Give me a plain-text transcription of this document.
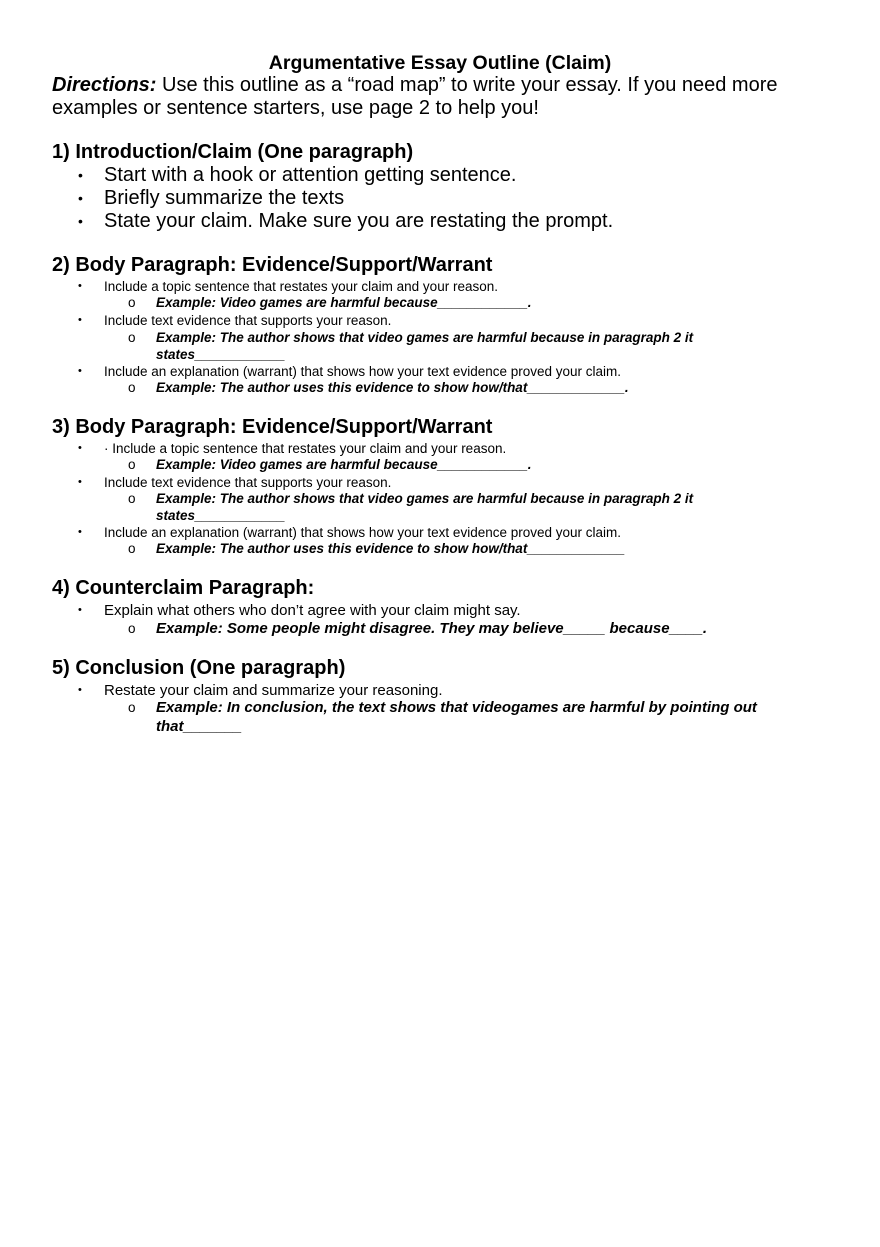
Argumentative Essay Outline (Claim)
Directions: Use this outline as a “road map” to write your essay. If you need more examples or sentence starters, use page 2 to help you!
1) Introduction/Claim (One paragraph)
• Start with a hook or attention getting sentence.
• Briefly summarize the texts
• State your claim. Make sure you are restating the prompt.
2) Body Paragraph: Evidence/Support/Warrant
• Include a topic sentence that restates your claim and your reason.
o Example: Video games are harmful because____________.
• Include text evidence that supports your reason.
o Example: The author shows that video games are harmful because in paragraph 2 it states____________
• Include an explanation (warrant) that shows how your text evidence proved your claim.
o Example: The author uses this evidence to show how/that_____________.
3) Body Paragraph: Evidence/Support/Warrant
• · Include a topic sentence that restates your claim and your reason.
o Example: Video games are harmful because____________.
• Include text evidence that supports your reason.
o Example: The author shows that video games are harmful because in paragraph 2 it states____________
• Include an explanation (warrant) that shows how your text evidence proved your claim.
o Example: The author uses this evidence to show how/that_____________
4) Counterclaim Paragraph:
• Explain what others who don’t agree with your claim might say.
o Example: Some people might disagree. They may believe_____ because____.
5) Conclusion (One paragraph)
• Restate your claim and summarize your reasoning.
o Example: In conclusion, the text shows that videogames are harmful by pointing out that_______
